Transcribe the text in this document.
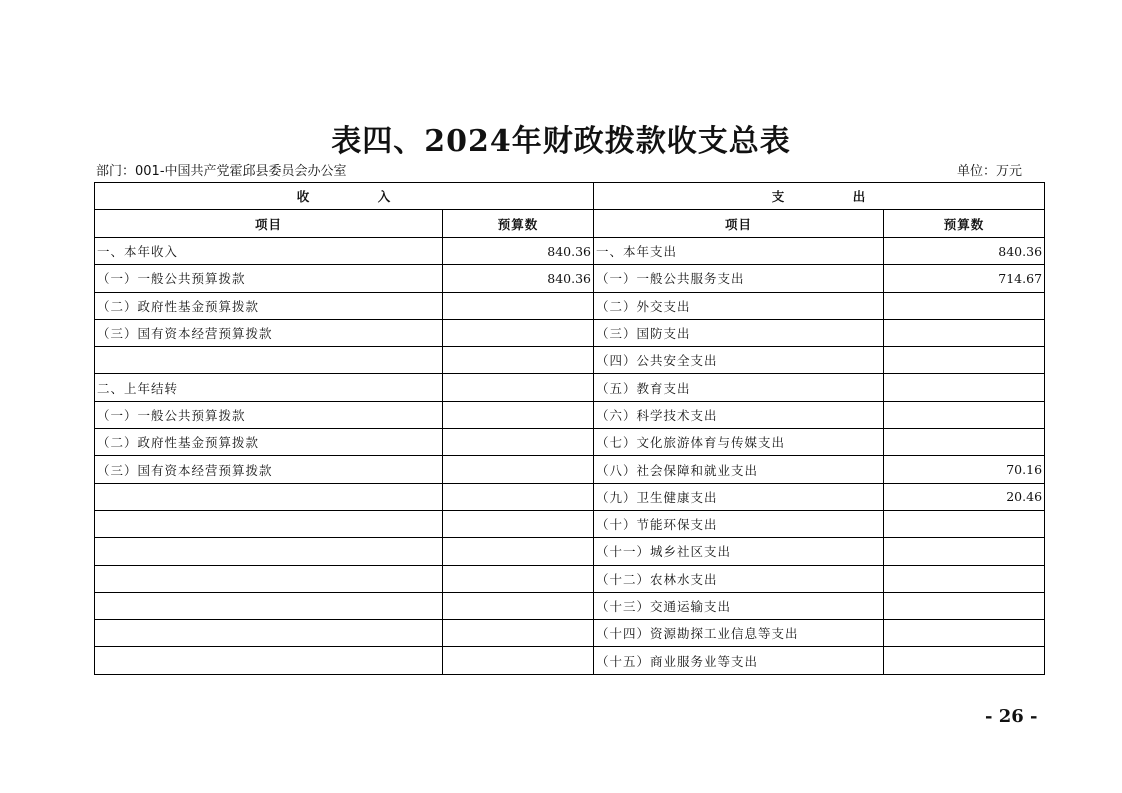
表四、2024年财政拨款收支总表
部门：001-中国共产党霍邱县委员会办公室	单位：万元
收　　　　　入		支　　　　　出	
项目	预算数	项目	预算数
一、本年收入	840.36	一、本年支出	840.36
（一）一般公共预算拨款	840.36	（一）一般公共服务支出	714.67
（二）政府性基金预算拨款		（二）外交支出	
（三）国有资本经营预算拨款		（三）国防支出	
		（四）公共安全支出	
二、上年结转		（五）教育支出	
（一）一般公共预算拨款		（六）科学技术支出	
（二）政府性基金预算拨款		（七）文化旅游体育与传媒支出	
（三）国有资本经营预算拨款		（八）社会保障和就业支出	70.16
		（九）卫生健康支出	20.46
		（十）节能环保支出	
		（十一）城乡社区支出	
		（十二）农林水支出	
		（十三）交通运输支出	
		（十四）资源勘探工业信息等支出	
		（十五）商业服务业等支出	
- 26 -
